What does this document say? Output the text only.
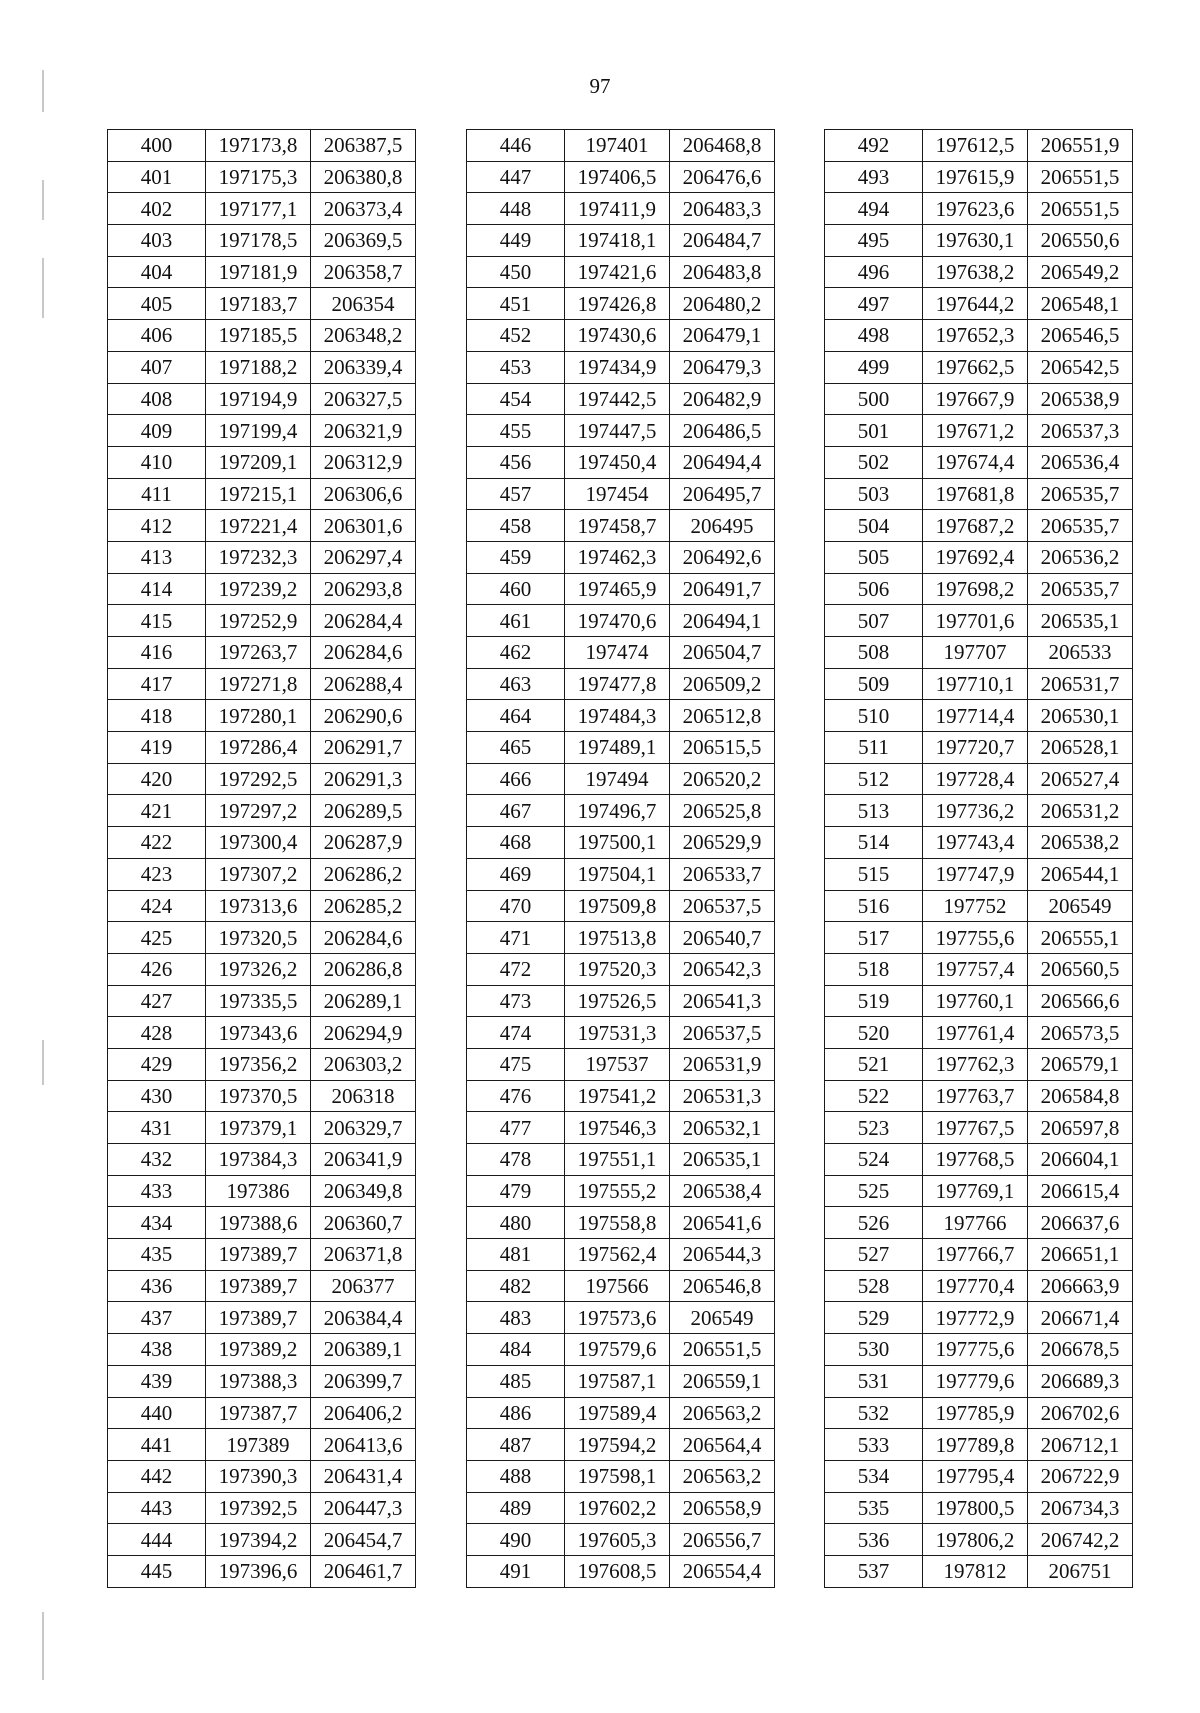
97
400	197173,8	206387,5
401	197175,3	206380,8
402	197177,1	206373,4
403	197178,5	206369,5
404	197181,9	206358,7
405	197183,7	206354
406	197185,5	206348,2
407	197188,2	206339,4
408	197194,9	206327,5
409	197199,4	206321,9
410	197209,1	206312,9
411	197215,1	206306,6
412	197221,4	206301,6
413	197232,3	206297,4
414	197239,2	206293,8
415	197252,9	206284,4
416	197263,7	206284,6
417	197271,8	206288,4
418	197280,1	206290,6
419	197286,4	206291,7
420	197292,5	206291,3
421	197297,2	206289,5
422	197300,4	206287,9
423	197307,2	206286,2
424	197313,6	206285,2
425	197320,5	206284,6
426	197326,2	206286,8
427	197335,5	206289,1
428	197343,6	206294,9
429	197356,2	206303,2
430	197370,5	206318
431	197379,1	206329,7
432	197384,3	206341,9
433	197386	206349,8
434	197388,6	206360,7
435	197389,7	206371,8
436	197389,7	206377
437	197389,7	206384,4
438	197389,2	206389,1
439	197388,3	206399,7
440	197387,7	206406,2
441	197389	206413,6
442	197390,3	206431,4
443	197392,5	206447,3
444	197394,2	206454,7
445	197396,6	206461,7
446	197401	206468,8
447	197406,5	206476,6
448	197411,9	206483,3
449	197418,1	206484,7
450	197421,6	206483,8
451	197426,8	206480,2
452	197430,6	206479,1
453	197434,9	206479,3
454	197442,5	206482,9
455	197447,5	206486,5
456	197450,4	206494,4
457	197454	206495,7
458	197458,7	206495
459	197462,3	206492,6
460	197465,9	206491,7
461	197470,6	206494,1
462	197474	206504,7
463	197477,8	206509,2
464	197484,3	206512,8
465	197489,1	206515,5
466	197494	206520,2
467	197496,7	206525,8
468	197500,1	206529,9
469	197504,1	206533,7
470	197509,8	206537,5
471	197513,8	206540,7
472	197520,3	206542,3
473	197526,5	206541,3
474	197531,3	206537,5
475	197537	206531,9
476	197541,2	206531,3
477	197546,3	206532,1
478	197551,1	206535,1
479	197555,2	206538,4
480	197558,8	206541,6
481	197562,4	206544,3
482	197566	206546,8
483	197573,6	206549
484	197579,6	206551,5
485	197587,1	206559,1
486	197589,4	206563,2
487	197594,2	206564,4
488	197598,1	206563,2
489	197602,2	206558,9
490	197605,3	206556,7
491	197608,5	206554,4
492	197612,5	206551,9
493	197615,9	206551,5
494	197623,6	206551,5
495	197630,1	206550,6
496	197638,2	206549,2
497	197644,2	206548,1
498	197652,3	206546,5
499	197662,5	206542,5
500	197667,9	206538,9
501	197671,2	206537,3
502	197674,4	206536,4
503	197681,8	206535,7
504	197687,2	206535,7
505	197692,4	206536,2
506	197698,2	206535,7
507	197701,6	206535,1
508	197707	206533
509	197710,1	206531,7
510	197714,4	206530,1
511	197720,7	206528,1
512	197728,4	206527,4
513	197736,2	206531,2
514	197743,4	206538,2
515	197747,9	206544,1
516	197752	206549
517	197755,6	206555,1
518	197757,4	206560,5
519	197760,1	206566,6
520	197761,4	206573,5
521	197762,3	206579,1
522	197763,7	206584,8
523	197767,5	206597,8
524	197768,5	206604,1
525	197769,1	206615,4
526	197766	206637,6
527	197766,7	206651,1
528	197770,4	206663,9
529	197772,9	206671,4
530	197775,6	206678,5
531	197779,6	206689,3
532	197785,9	206702,6
533	197789,8	206712,1
534	197795,4	206722,9
535	197800,5	206734,3
536	197806,2	206742,2
537	197812	206751
